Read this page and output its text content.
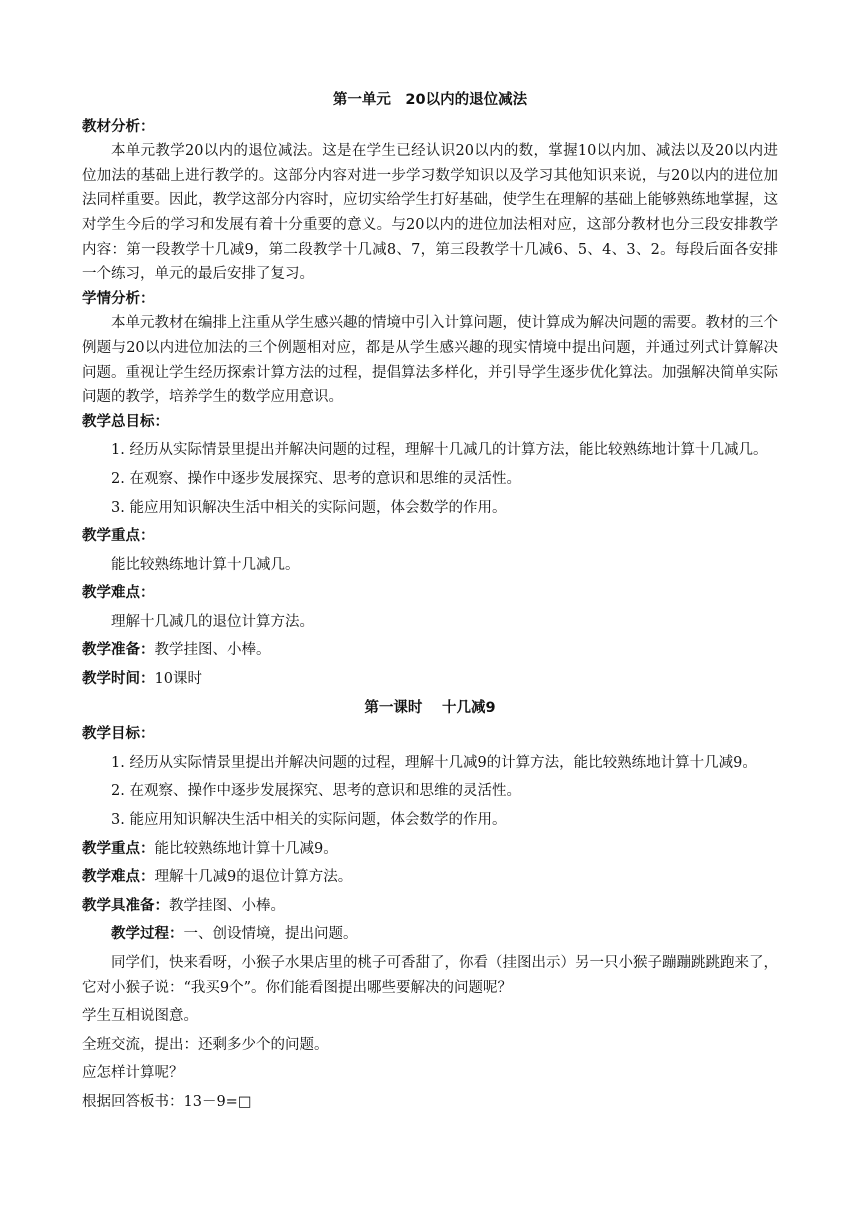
第一单元　20以内的退位减法
教材分析：
本单元教学20以内的退位减法。这是在学生已经认识20以内的数，掌握10以内加、减法以及20以内进位加法的基础上进行教学的。这部分内容对进一步学习数学知识以及学习其他知识来说，与20以内的进位加法同样重要。因此，教学这部分内容时，应切实给学生打好基础，使学生在理解的基础上能够熟练地掌握，这对学生今后的学习和发展有着十分重要的意义。与20以内的进位加法相对应，这部分教材也分三段安排教学内容：第一段教学十几减9，第二段教学十几减8、7，第三段教学十几减6、5、4、3、2。每段后面各安排一个练习，单元的最后安排了复习。
学情分析：
本单元教材在编排上注重从学生感兴趣的情境中引入计算问题，使计算成为解决问题的需要。教材的三个例题与20以内进位加法的三个例题相对应，都是从学生感兴趣的现实情境中提出问题，并通过列式计算解决问题。重视让学生经历探索计算方法的过程，提倡算法多样化，并引导学生逐步优化算法。加强解决简单实际问题的教学，培养学生的数学应用意识。
教学总目标：
1. 经历从实际情景里提出并解决问题的过程，理解十几减几的计算方法，能比较熟练地计算十几减几。
2. 在观察、操作中逐步发展探究、思考的意识和思维的灵活性。
3. 能应用知识解决生活中相关的实际问题，体会数学的作用。
教学重点：
能比较熟练地计算十几减几。
教学难点：
理解十几减几的退位计算方法。
教学准备：教学挂图、小棒。
教学时间：10课时
第一课时　 十几减9
教学目标：
1. 经历从实际情景里提出并解决问题的过程，理解十几减9的计算方法，能比较熟练地计算十几减9。
2. 在观察、操作中逐步发展探究、思考的意识和思维的灵活性。
3. 能应用知识解决生活中相关的实际问题，体会数学的作用。
教学重点：能比较熟练地计算十几减9。
教学难点：理解十几减9的退位计算方法。
教学具准备：教学挂图、小棒。
教学过程：一、创设情境，提出问题。
同学们，快来看呀，小猴子水果店里的桃子可香甜了，你看（挂图出示）另一只小猴子蹦蹦跳跳跑来了，它对小猴子说：“我买9个”。你们能看图提出哪些要解决的问题呢？
学生互相说图意。
全班交流，提出：还剩多少个的问题。
应怎样计算呢？
根据回答板书：13－9=□
